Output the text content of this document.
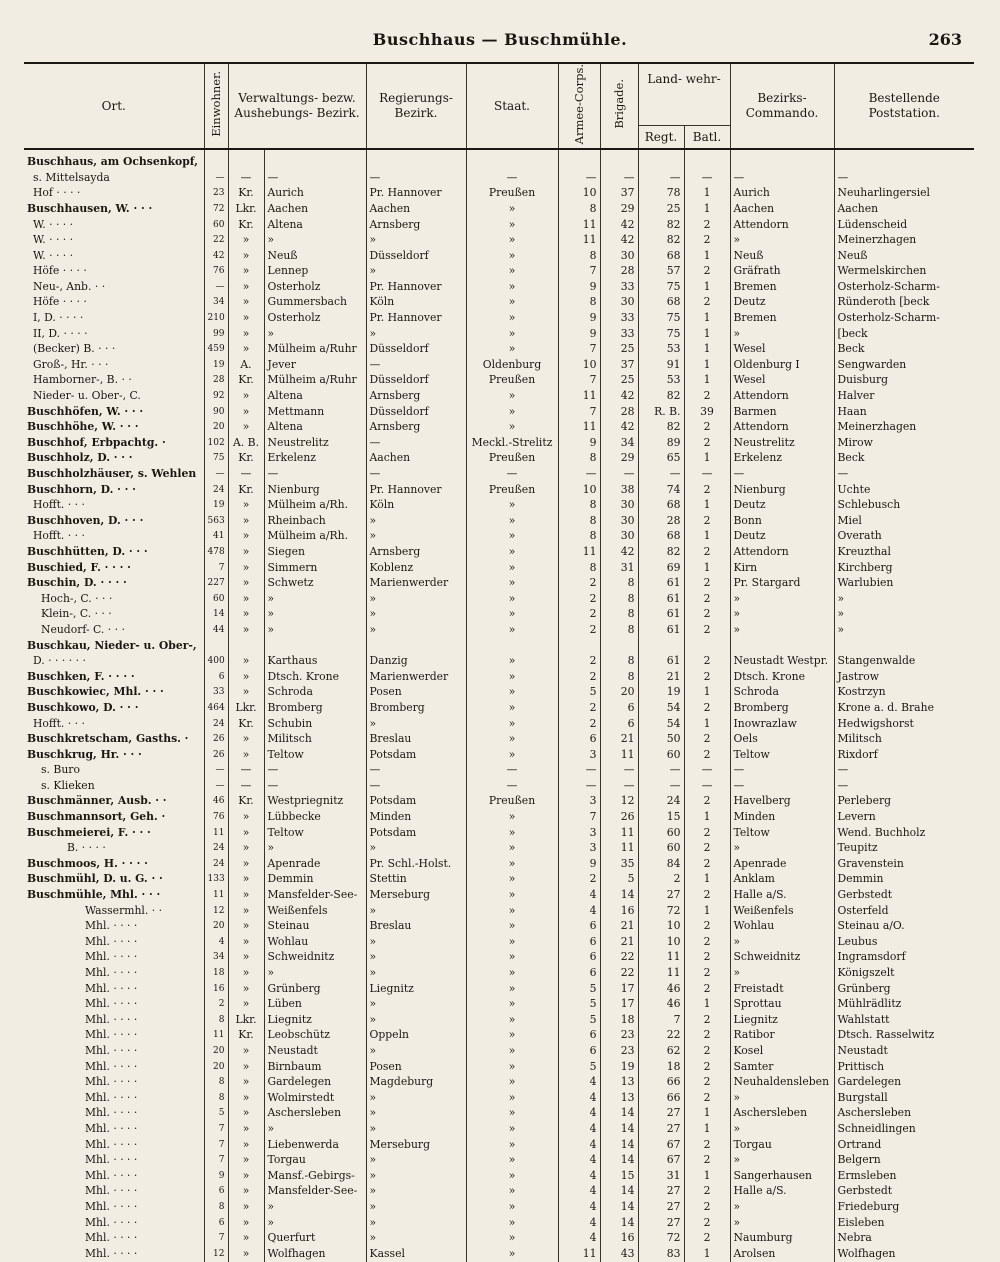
Buschhaus — Buschmühle.	263
Ort.	Einwohner.	Verwaltungs- bezw. Aushebungs- Bezirk.		Regierungs- Bezirk.	Staat.	Armee-Corps.	Brigade.	Land- wehr-
Regt. Batl.		Bezirks- Commando.	Bestellende Poststation.
Buschhaus, am Ochsenkopf,											
s. Mittelsayda	—	—	—	—	—	—	—	—	—	—	—
Hof · · · ·	23	Kr.	Aurich	Pr. Hannover	Preußen	10	37	78	1	Aurich	Neuharlingersiel
Buschhausen, W. · · ·	72	Lkr.	Aachen	Aachen	»	8	29	25	1	Aachen	Aachen
W. · · · ·	60	Kr.	Altena	Arnsberg	»	11	42	82	2	Attendorn	Lüdenscheid
W. · · · ·	22	»	»	»	»	11	42	82	2	»	Meinerzhagen
W. · · · ·	42	»	Neuß	Düsseldorf	»	8	30	68	1	Neuß	Neuß
Höfe · · · ·	76	»	Lennep	»	»	7	28	57	2	Gräfrath	Wermelskirchen
Neu-, Anb. · ·	—	»	Osterholz	Pr. Hannover	»	9	33	75	1	Bremen	Osterholz-Scharm-
Höfe · · · ·	34	»	Gummersbach	Köln	»	8	30	68	2	Deutz	Ründeroth [beck
I, D. · · · ·	210	»	Osterholz	Pr. Hannover	»	9	33	75	1	Bremen	Osterholz-Scharm-
II, D. · · · ·	99	»	»	»	»	9	33	75	1	»	[beck
(Becker) B. · · ·	459	»	Mülheim a/Ruhr	Düsseldorf	»	7	25	53	1	Wesel	Beck
Groß-, Hr. · · ·	19	A.	Jever	—	Oldenburg	10	37	91	1	Oldenburg I	Sengwarden
Hamborner-, B. · ·	28	Kr.	Mülheim a/Ruhr	Düsseldorf	Preußen	7	25	53	1	Wesel	Duisburg
Nieder- u. Ober-, C.	92	»	Altena	Arnsberg	»	11	42	82	2	Attendorn	Halver
Buschhöfen, W. · · ·	90	»	Mettmann	Düsseldorf	»	7	28	R. B.	39	Barmen	Haan
Buschhöhe, W. · · ·	20	»	Altena	Arnsberg	»	11	42	82	2	Attendorn	Meinerzhagen
Buschhof, Erbpachtg. ·	102	A. B.	Neustrelitz	—	Meckl.-Strelitz	9	34	89	2	Neustrelitz	Mirow
Buschholz, D. · · ·	75	Kr.	Erkelenz	Aachen	Preußen	8	29	65	1	Erkelenz	Beck
Buschholzhäuser, s. Wehlen	—	—	—	—	—	—	—	—	—	—	—
Buschhorn, D. · · ·	24	Kr.	Nienburg	Pr. Hannover	Preußen	10	38	74	2	Nienburg	Uchte
Hofft. · · ·	19	»	Mülheim a/Rh.	Köln	»	8	30	68	1	Deutz	Schlebusch
Buschhoven, D. · · ·	563	»	Rheinbach	»	»	8	30	28	2	Bonn	Miel
Hofft. · · ·	41	»	Mülheim a/Rh.	»	»	8	30	68	1	Deutz	Overath
Buschhütten, D. · · ·	478	»	Siegen	Arnsberg	»	11	42	82	2	Attendorn	Kreuzthal
Buschied, F. · · · ·	7	»	Simmern	Koblenz	»	8	31	69	1	Kirn	Kirchberg
Buschin, D. · · · ·	227	»	Schwetz	Marienwerder	»	2	8	61	2	Pr. Stargard	Warlubien
Hoch-, C. · · ·	60	»	»	»	»	2	8	61	2	»	»
Klein-, C. · · ·	14	»	»	»	»	2	8	61	2	»	»
Neudorf- C. · · ·	44	»	»	»	»	2	8	61	2	»	»
Buschkau, Nieder- u. Ober-,											
D. · · · · · ·	400	»	Karthaus	Danzig	»	2	8	61	2	Neustadt Westpr.	Stangenwalde
Buschken, F. · · · ·	6	»	Dtsch. Krone	Marienwerder	»	2	8	21	2	Dtsch. Krone	Jastrow
Buschkowiec, Mhl. · · ·	33	»	Schroda	Posen	»	5	20	19	1	Schroda	Kostrzyn
Buschkowo, D. · · ·	464	Lkr.	Bromberg	Bromberg	»	2	6	54	2	Bromberg	Krone a. d. Brahe
Hofft. · · ·	24	Kr.	Schubin	»	»	2	6	54	1	Inowrazlaw	Hedwigshorst
Buschkretscham, Gasths. ·	26	»	Militsch	Breslau	»	6	21	50	2	Oels	Militsch
Buschkrug, Hr. · · ·	26	»	Teltow	Potsdam	»	3	11	60	2	Teltow	Rixdorf
s. Buro	—	—	—	—	—	—	—	—	—	—	—
s. Klieken	—	—	—	—	—	—	—	—	—	—	—
Buschmänner, Ausb. · ·	46	Kr.	Westpriegnitz	Potsdam	Preußen	3	12	24	2	Havelberg	Perleberg
Buschmannsort, Geh. ·	76	»	Lübbecke	Minden	»	7	26	15	1	Minden	Levern
Buschmeierei, F. · · ·	11	»	Teltow	Potsdam	»	3	11	60	2	Teltow	Wend. Buchholz
B. · · · ·	24	»	»	»	»	3	11	60	2	»	Teupitz
Buschmoos, H. · · · ·	24	»	Apenrade	Pr. Schl.-Holst.	»	9	35	84	2	Apenrade	Gravenstein
Buschmühl, D. u. G. · ·	133	»	Demmin	Stettin	»	2	5	2	1	Anklam	Demmin
Buschmühle, Mhl. · · ·	11	»	Mansfelder-See-	Merseburg	»	4	14	27	2	Halle a/S.	Gerbstedt
Wassermhl. · ·	12	»	Weißenfels	»	»	4	16	72	1	Weißenfels	Osterfeld
Mhl. · · · ·	20	»	Steinau	Breslau	»	6	21	10	2	Wohlau	Steinau a/O.
Mhl. · · · ·	4	»	Wohlau	»	»	6	21	10	2	»	Leubus
Mhl. · · · ·	34	»	Schweidnitz	»	»	6	22	11	2	Schweidnitz	Ingramsdorf
Mhl. · · · ·	18	»	»	»	»	6	22	11	2	»	Königszelt
Mhl. · · · ·	16	»	Grünberg	Liegnitz	»	5	17	46	2	Freistadt	Grünberg
Mhl. · · · ·	2	»	Lüben	»	»	5	17	46	1	Sprottau	Mühlrädlitz
Mhl. · · · ·	8	Lkr.	Liegnitz	»	»	5	18	7	2	Liegnitz	Wahlstatt
Mhl. · · · ·	11	Kr.	Leobschütz	Oppeln	»	6	23	22	2	Ratibor	Dtsch. Rasselwitz
Mhl. · · · ·	20	»	Neustadt	»	»	6	23	62	2	Kosel	Neustadt
Mhl. · · · ·	20	»	Birnbaum	Posen	»	5	19	18	2	Samter	Prittisch
Mhl. · · · ·	8	»	Gardelegen	Magdeburg	»	4	13	66	2	Neuhaldensleben	Gardelegen
Mhl. · · · ·	8	»	Wolmirstedt	»	»	4	13	66	2	»	Burgstall
Mhl. · · · ·	5	»	Aschersleben	»	»	4	14	27	1	Aschersleben	Aschersleben
Mhl. · · · ·	7	»	»	»	»	4	14	27	1	»	Schneidlingen
Mhl. · · · ·	7	»	Liebenwerda	Merseburg	»	4	14	67	2	Torgau	Ortrand
Mhl. · · · ·	7	»	Torgau	»	»	4	14	67	2	»	Belgern
Mhl. · · · ·	9	»	Mansf.-Gebirgs-	»	»	4	15	31	1	Sangerhausen	Ermsleben
Mhl. · · · ·	6	»	Mansfelder-See-	»	»	4	14	27	2	Halle a/S.	Gerbstedt
Mhl. · · · ·	8	»	»	»	»	4	14	27	2	»	Friedeburg
Mhl. · · · ·	6	»	»	»	»	4	14	27	2	»	Eisleben
Mhl. · · · ·	7	»	Querfurt	»	»	4	16	72	2	Naumburg	Nebra
Mhl. · · · ·	12	»	Wolfhagen	Kassel	»	11	43	83	1	Arolsen	Wolfhagen
